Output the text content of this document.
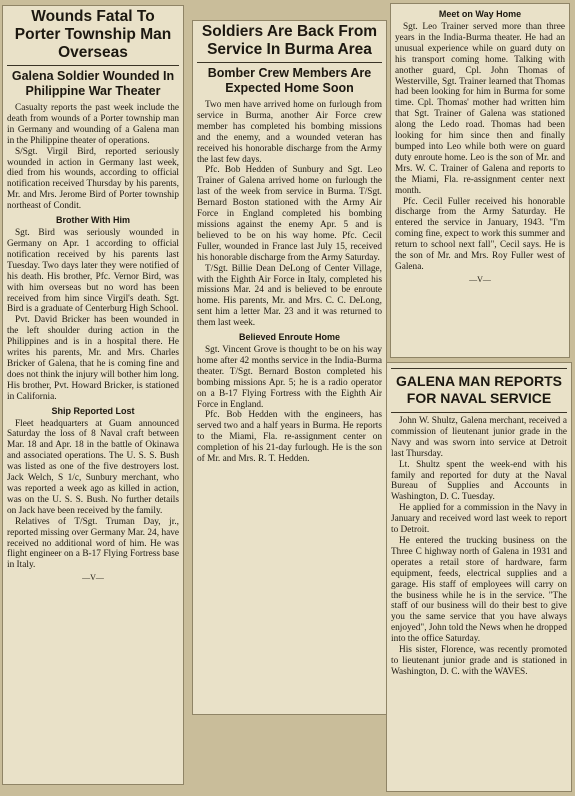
Wounds Fatal To Porter Township Man Overseas
Galena Soldier Wounded In Philippine War Theater

Casualty reports the past week include the death from wounds of a Porter township man in Germany and wounding of a Galena man in the Philippine theater of operations.

S/Sgt. Virgil Bird, reported seriously wounded in action in Germany last week, died from his wounds, according to official notification received Thursday by his parents, Mr. and Mrs. Jerome Bird of Porter township northeast of Condit.

Brother With Him

Sgt. Bird was seriously wounded in Germany on Apr. 1 according to official notification received by his parents last Tuesday. Two days later they were notified of his death. His brother, Pfc. Vernor Bird, was with him overseas but no word has been received from him since Virgil's death. Sgt. Bird is a graduate of Centerburg High School.

Pvt. David Bricker has been wounded in the left shoulder during action in the Philippines and is in a hospital there. He writes his parents, Mr. and Mrs. Charles Bricker of Galena, that he is coming fine and does not think the injury will bother him long. His brother, Pvt. Howard Bricker, is stationed in California.

Ship Reported Lost

Fleet headquarters at Guam announced Saturday the loss of 8 Naval craft between Mar. 18 and Apr. 18 in the battle of Okinawa and associated operations. The U. S. S. Bush was listed as one of the five destroyers lost. Jack Welch, S 1/c, Sunbury merchant, who was reported a week ago as killed in action, was on the U. S. S. Bush. No further details on Jack have been received by the family.

Relatives of T/Sgt. Truman Day, jr., reported missing over Germany Mar. 24, have received no additional word of him. He was flight engineer on a B-17 Flying Fortress base in Italy.

—V—
Soldiers Are Back From Service In Burma Area
Bomber Crew Members Are Expected Home Soon

Two men have arrived home on furlough from service in Burma, another Air Force crew member has completed his bombing missions and the enemy, and a wounded veteran has received his honorable discharge from the Army the last few days.

Pfc. Bob Hedden of Sunbury and Sgt. Leo Trainer of Galena arrived home on furlough the last of the week from service in Burma. T/Sgt. Bernard Boston stationed with the Army Air Force in England completed his bombing missions against the enemy Apr. 5 and is believed to be on his way home. Pfc. Cecil Fuller, wounded in France last July 15, received his honorable discharge from the Army Saturday.

T/Sgt. Billie Dean DeLong of Center Village, with the Eighth Air Force in Italy, completed his missions Mar. 24 and is believed to be enroute home. His parents, Mr. and Mrs. C. C. DeLong, sent him a letter Mar. 23 and it was returned to them last week.

Believed Enroute Home

Sgt. Vincent Grove is thought to be on his way home after 42 months service in the India-Burma theater. T/Sgt. Bernard Boston completed his bombing missions Apr. 5; he is a radio operator on a B-17 Flying Fortress with the Eighth Air Force in England.

Pfc. Bob Hedden with the engineers, has served two and a half years in Burma. He reports to the Miami, Fla. re-assignment center on completion of his 21-day furlough. He is the son of Mr. and Mrs. R. T. Hedden.

Meet on Way Home

Sgt. Leo Trainer served more than three years in the India-Burma theater. He had an unusual experience while on guard duty on his transport coming home. Talking with another guard, Cpl. John Thomas of Westerville, Sgt. Trainer learned that Thomas had been looking for him in Burma for some time. Cpl. Thomas' mother had written him that Sgt. Trainer of Galena was stationed along the Ledo road. Thomas had been looking for him since then and finally bumped into Leo while both were on guard duty enroute home. Leo is the son of Mr. and Mrs. W. C. Trainer of Galena and reports to the Miami, Fla. re-assignment center next month.

Pfc. Cecil Fuller received his honorable discharge from the Army Saturday. He entered the service in January, 1943. "I'm coming fine, expect to work this summer and return to school next fall", Cecil says. He is the son of Mr. and Mrs. Roy Fuller west of Galena.

—V—
GALENA MAN REPORTS FOR NAVAL SERVICE

John W. Shultz, Galena merchant, received a commission of lieutenant junior grade in the Navy and was sworn into service at Detroit last Thursday.

Lt. Shultz spent the week-end with his family and reported for duty at the Naval Bureau of Supplies and Accounts in Washington, D. C. Tuesday.

He applied for a commission in the Navy in January and received word last week to report to Detroit.

He entered the trucking business on the Three C highway north of Galena in 1931 and operates a retail store of hardware, farm equipment, feeds, electrical supplies and a garage. His staff of employees will carry on the business while he is in the service. "The staff of our business will do their best to give you the same service that you have always enjoyed", John told the News when he dropped into the office Saturday.

His sister, Florence, was recently promoted to lieutenant junior grade and is stationed in Washington, D. C. with the WAVES.
